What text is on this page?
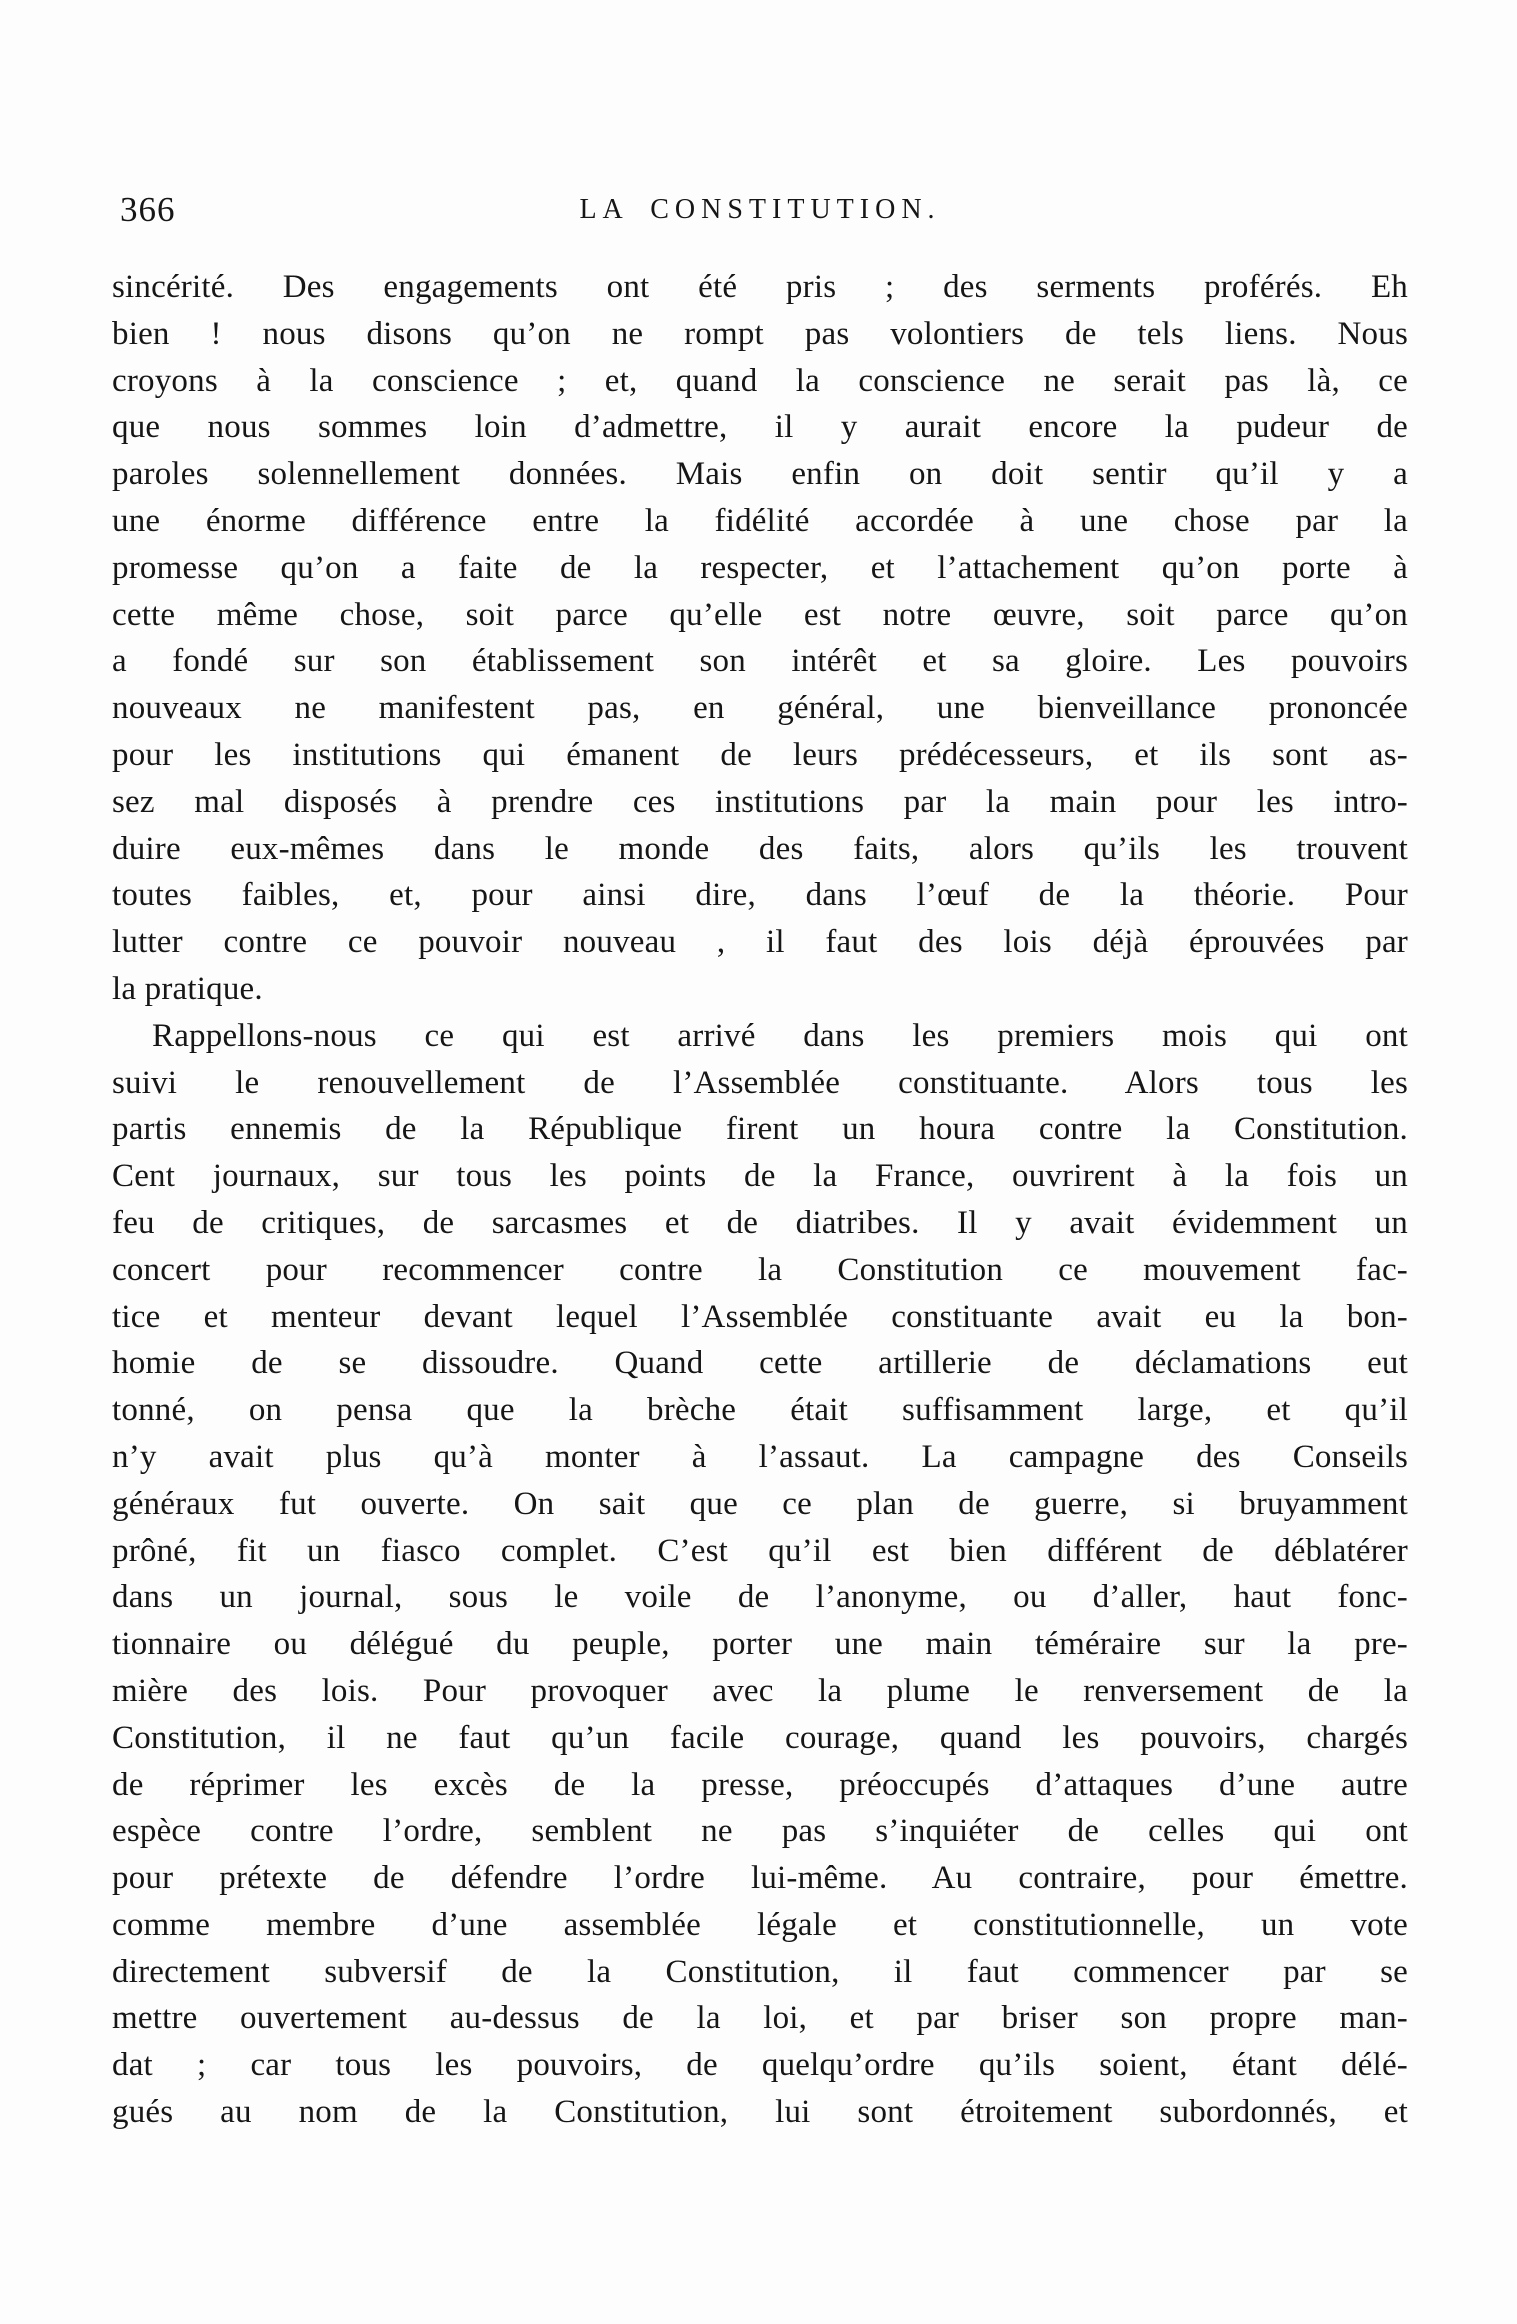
366	LA CONSTITUTION.
sincérité. Des engagements ont été pris ; des serments proférés. Eh
bien ! nous disons qu’on ne rompt pas volontiers de tels liens. Nous
croyons à la conscience ; et, quand la conscience ne serait pas là, ce
que nous sommes loin d’admettre, il y aurait encore la pudeur de
paroles solennellement données. Mais enfin on doit sentir qu’il y a
une énorme différence entre la fidélité accordée à une chose par la
promesse qu’on a faite de la respecter, et l’attachement qu’on porte à
cette même chose, soit parce qu’elle est notre œuvre, soit parce qu’on
a fondé sur son établissement son intérêt et sa gloire. Les pouvoirs
nouveaux ne manifestent pas, en général, une bienveillance prononcée
pour les institutions qui émanent de leurs prédécesseurs, et ils sont as-
sez mal disposés à prendre ces institutions par la main pour les intro-
duire eux-mêmes dans le monde des faits, alors qu’ils les trouvent
toutes faibles, et, pour ainsi dire, dans l’œuf de la théorie. Pour
lutter contre ce pouvoir nouveau , il faut des lois déjà éprouvées par
la pratique.
Rappellons-nous ce qui est arrivé dans les premiers mois qui ont
suivi le renouvellement de l’Assemblée constituante. Alors tous les
partis ennemis de la République firent un houra contre la Constitution.
Cent journaux, sur tous les points de la France, ouvrirent à la fois un
feu de critiques, de sarcasmes et de diatribes. Il y avait évidemment un
concert pour recommencer contre la Constitution ce mouvement fac-
tice et menteur devant lequel l’Assemblée constituante avait eu la bon-
homie de se dissoudre. Quand cette artillerie de déclamations eut
tonné, on pensa que la brèche était suffisamment large, et qu’il
n’y avait plus qu’à monter à l’assaut. La campagne des Conseils
généraux fut ouverte. On sait que ce plan de guerre, si bruyamment
prôné, fit un fiasco complet. C’est qu’il est bien différent de déblatérer
dans un journal, sous le voile de l’anonyme, ou d’aller, haut fonc-
tionnaire ou délégué du peuple, porter une main téméraire sur la pre-
mière des lois. Pour provoquer avec la plume le renversement de la
Constitution, il ne faut qu’un facile courage, quand les pouvoirs, chargés
de réprimer les excès de la presse, préoccupés d’attaques d’une autre
espèce contre l’ordre, semblent ne pas s’inquiéter de celles qui ont
pour prétexte de défendre l’ordre lui-même. Au contraire, pour émettre.
comme membre d’une assemblée légale et constitutionnelle, un vote
directement subversif de la Constitution, il faut commencer par se
mettre ouvertement au-dessus de la loi, et par briser son propre man-
dat ; car tous les pouvoirs, de quelqu’ordre qu’ils soient, étant délé-
gués au nom de la Constitution, lui sont étroitement subordonnés, et
